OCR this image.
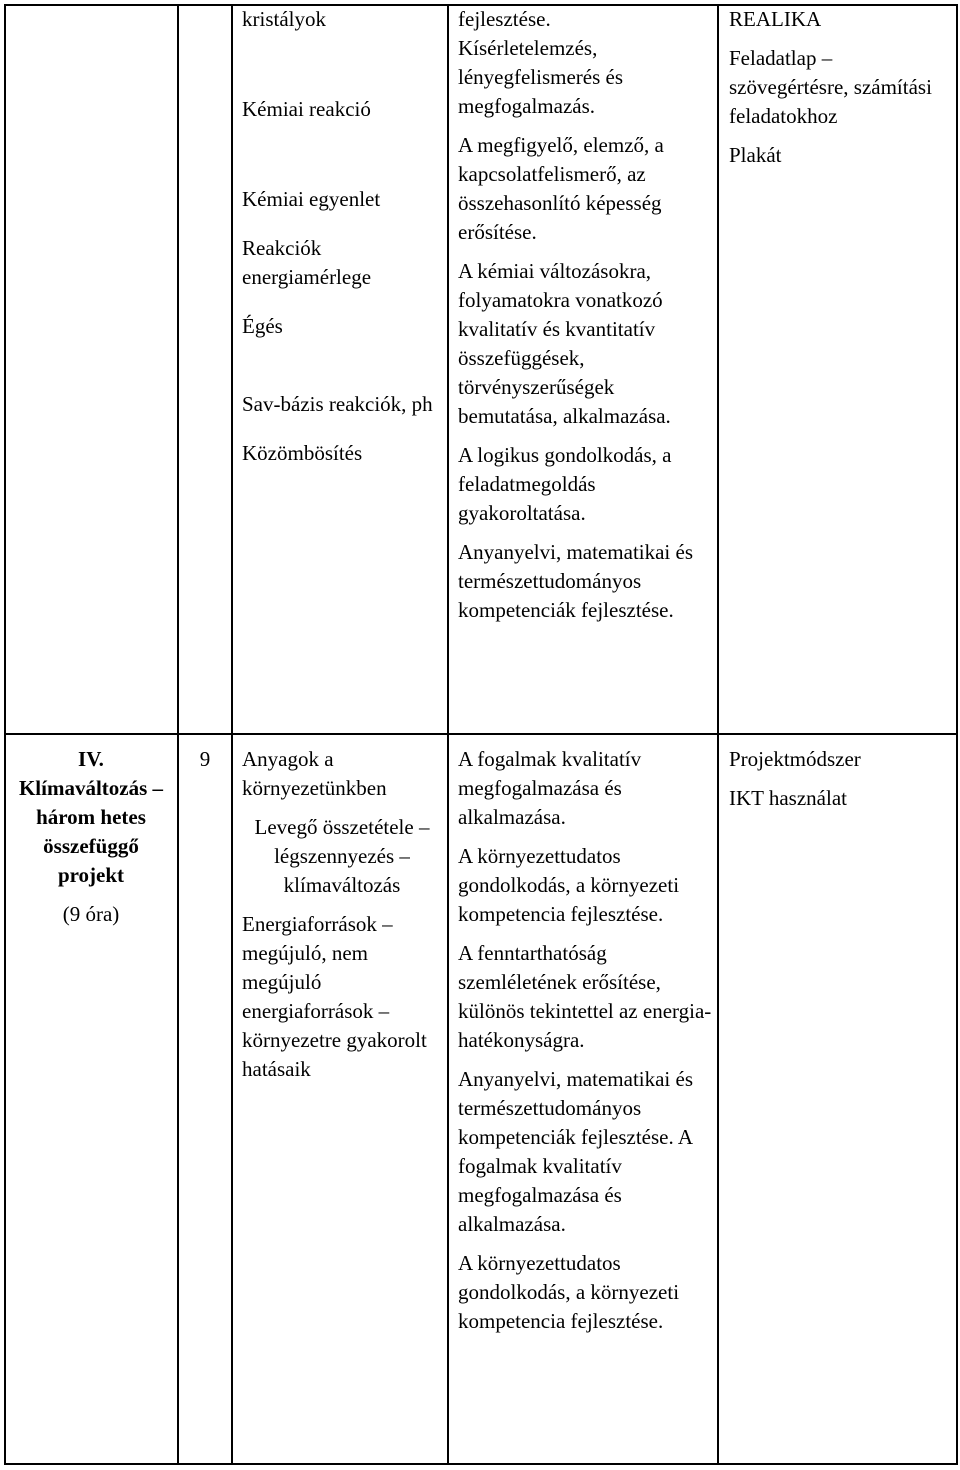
kristályok

Kémiai reakció

Kémiai egyenlet

Reakciók energiamérlege

Égés

Sav-bázis reakciók, ph

Közömbösítés

fejlesztése.

Kísérletelemzés, lényegfelismerés és megfogalmazás.

A megfigyelő, elemző, a kapcsolatfelismerő, az összehasonlító képesség erősítése.

A kémiai változásokra, folyamatokra vonatkozó kvalitatív és kvantitatív összefüggések, törvényszerűségek bemutatása, alkalmazása.

A logikus gondolkodás, a feladatmegoldás gyakoroltatása.

Anyanyelvi, matematikai és természettudományos kompetenciák fejlesztése.

REALIKA

Feladatlap – szövegértésre, számítási feladatokhoz

Plakát

IV.

Klímaváltozás – három hetes összefüggő projekt

(9 óra)

9	Anyagok a környezetünkben

Levegő összetétele – légszennyezés – klímaváltozás

Energiaforrások – megújuló, nem megújuló energiaforrások – környezetre gyakorolt hatásaik

A fogalmak kvalitatív megfogalmazása és alkalmazása.

A környezettudatos gondolkodás, a környezeti kompetencia fejlesztése.

A fenntarthatóság szemléletének erősítése, különös tekintettel az energia-hatékonyságra.

Anyanyelvi, matematikai és természettudományos kompetenciák fejlesztése. A fogalmak kvalitatív megfogalmazása és alkalmazása.

A környezettudatos gondolkodás, a környezeti kompetencia fejlesztése.

Projektmódszer

IKT használat
